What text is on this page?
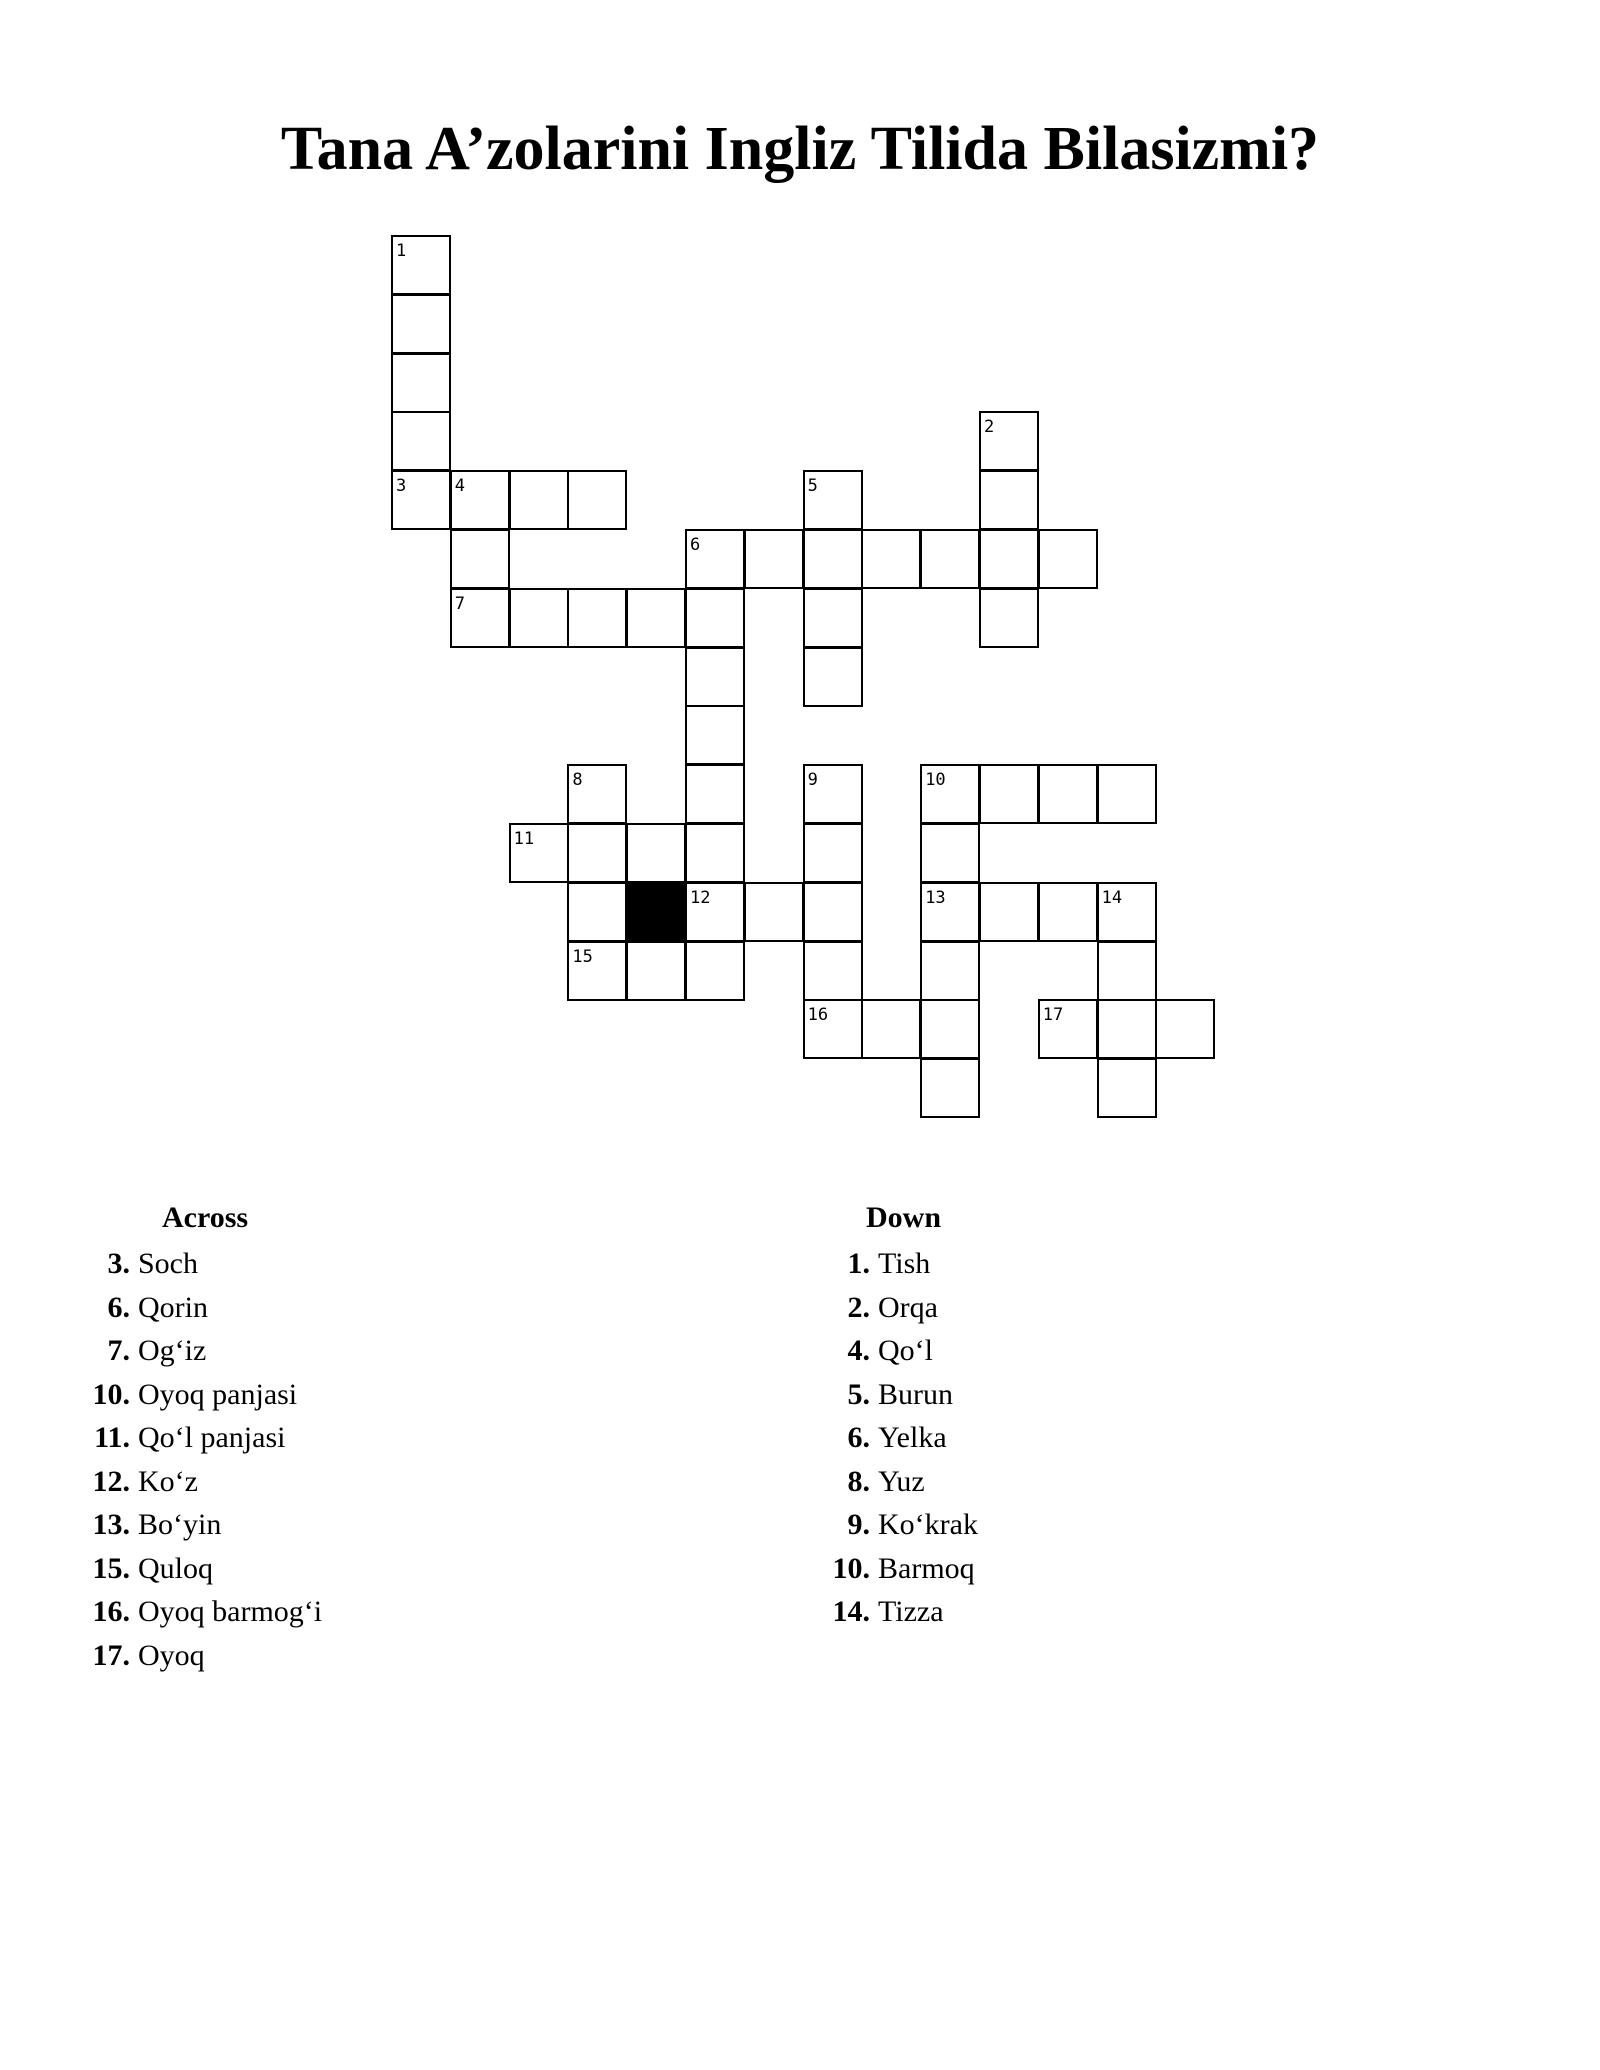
Tana A’zolarini Ingliz Tilida Bilasizmi?
1
3	4
2
5
7
6
8
15
11
12
9
16
10
13	14
17
Across
3. Soch
6. Qorin
7. Og‘iz
10. Oyoq panjasi
11. Qo‘l panjasi
12. Ko‘z
13. Bo‘yin
15. Quloq
16. Oyoq barmog‘i
17. Oyoq
Down
1. Tish
2. Orqa
4. Qo‘l
5. Burun
6. Yelka
8. Yuz
9. Ko‘krak
10. Barmoq
14. Tizza
